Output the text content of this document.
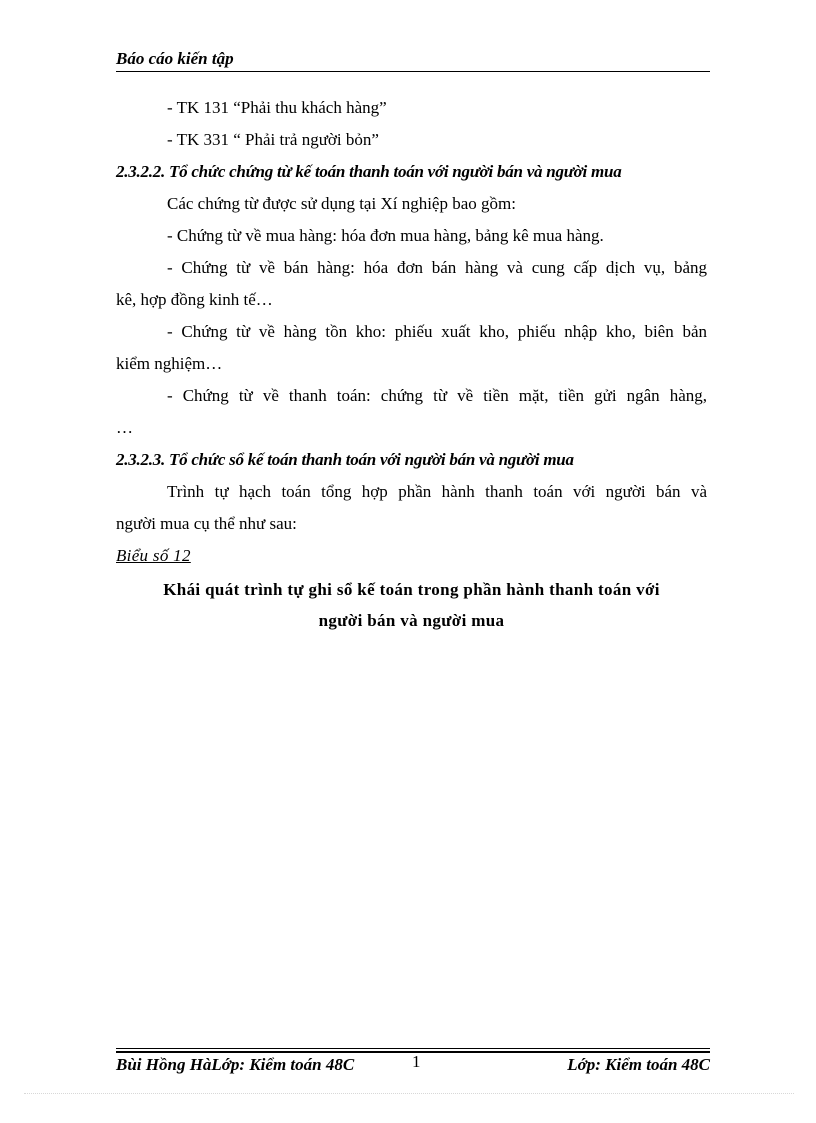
Báo cáo kiến tập
- TK 131 “Phải thu khách hàng”
- TK 331 “ Phải trả người bỏn”
2.3.2.2. Tổ chức chứng từ kế toán thanh toán với người bán và người mua
Các chứng từ được sử dụng tại Xí nghiệp bao gồm:
- Chứng từ về mua hàng: hóa đơn mua hàng, bảng kê mua hàng.
- Chứng từ về bán hàng: hóa đơn bán hàng và cung cấp dịch vụ, bảng
kê, hợp đồng kinh tế…
- Chứng từ về hàng tồn kho: phiếu xuất kho, phiếu nhập kho, biên bản
kiểm nghiệm…
- Chứng từ về thanh toán: chứng từ về tiền mặt, tiền gửi ngân hàng,
…
2.3.2.3. Tổ chức sổ kế toán thanh toán với người bán và người mua
Trình tự hạch toán tổng hợp phần hành thanh toán với người bán và
người mua cụ thể như sau:
Biểu số 12
Khái quát trình tự ghi sổ kế toán trong phần hành thanh toán với
người bán và người mua
Bùi Hồng HàLớp: Kiểm toán 48C	1	Lớp: Kiểm toán 48C
